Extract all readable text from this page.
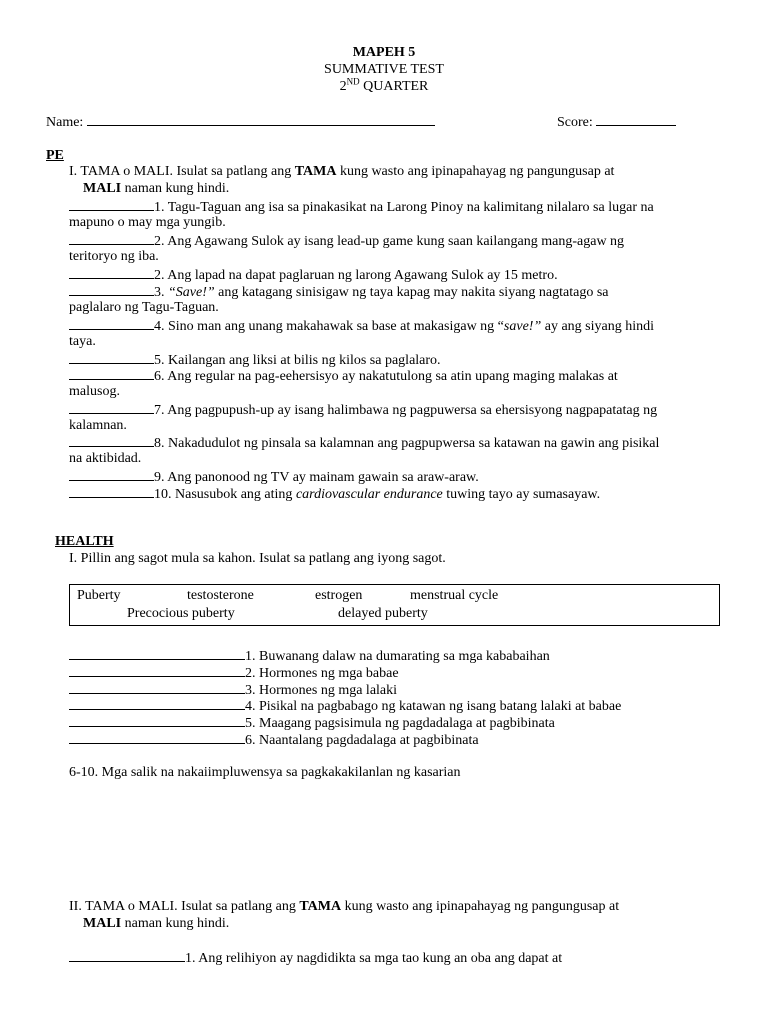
MAPEH 5
SUMMATIVE TEST
2ND QUARTER
Name:	Score:
PE
I. TAMA o MALI. Isulat sa patlang ang TAMA kung wasto ang ipinapahayag ng pangungusap at
MALI naman kung hindi.
1. Tagu-Taguan ang isa sa pinakasikat na Larong Pinoy na kalimitang nilalaro sa lugar na
mapuno o may mga yungib.
2. Ang Agawang Sulok ay isang lead-up game kung saan kailangang mang-agaw ng
teritoryo ng iba.
2. Ang lapad na dapat paglaruan ng larong Agawang Sulok ay 15 metro.
3. “Save!” ang katagang sinisigaw ng taya kapag may nakita siyang nagtatago sa
paglalaro ng Tagu-Taguan.
4. Sino man ang unang makahawak sa base at makasigaw ng “save!” ay ang siyang hindi
taya.
5. Kailangan ang liksi at bilis ng kilos sa paglalaro.
6. Ang regular na pag-eehersisyo ay nakatutulong sa atin upang maging malakas at
malusog.
7. Ang pagpupush-up ay isang halimbawa ng pagpuwersa sa ehersisyong nagpapatatag ng
kalamnan.
8. Nakadudulot ng pinsala sa kalamnan ang pagpupwersa sa katawan na gawin ang pisikal
na aktibidad.
9. Ang panonood ng TV ay mainam gawain sa araw-araw.
10. Nasusubok ang ating cardiovascular endurance tuwing tayo ay sumasayaw.
HEALTH
I. Pillin ang sagot mula sa kahon. Isulat sa patlang ang iyong sagot.
Puberty	testosterone	estrogen	menstrual cycle
Precocious puberty	delayed puberty
1. Buwanang dalaw na dumarating sa mga kababaihan
2. Hormones ng mga babae
3. Hormones ng mga lalaki
4. Pisikal na pagbabago ng katawan ng isang batang lalaki at babae
5. Maagang pagsisimula ng pagdadalaga at pagbibinata
6. Naantalang pagdadalaga at pagbibinata
6-10. Mga salik na nakaiimpluwensya sa pagkakakilanlan ng kasarian
II. TAMA o MALI. Isulat sa patlang ang TAMA kung wasto ang ipinapahayag ng pangungusap at
MALI naman kung hindi.
1. Ang relihiyon ay nagdidikta sa mga tao kung an oba ang dapat at
